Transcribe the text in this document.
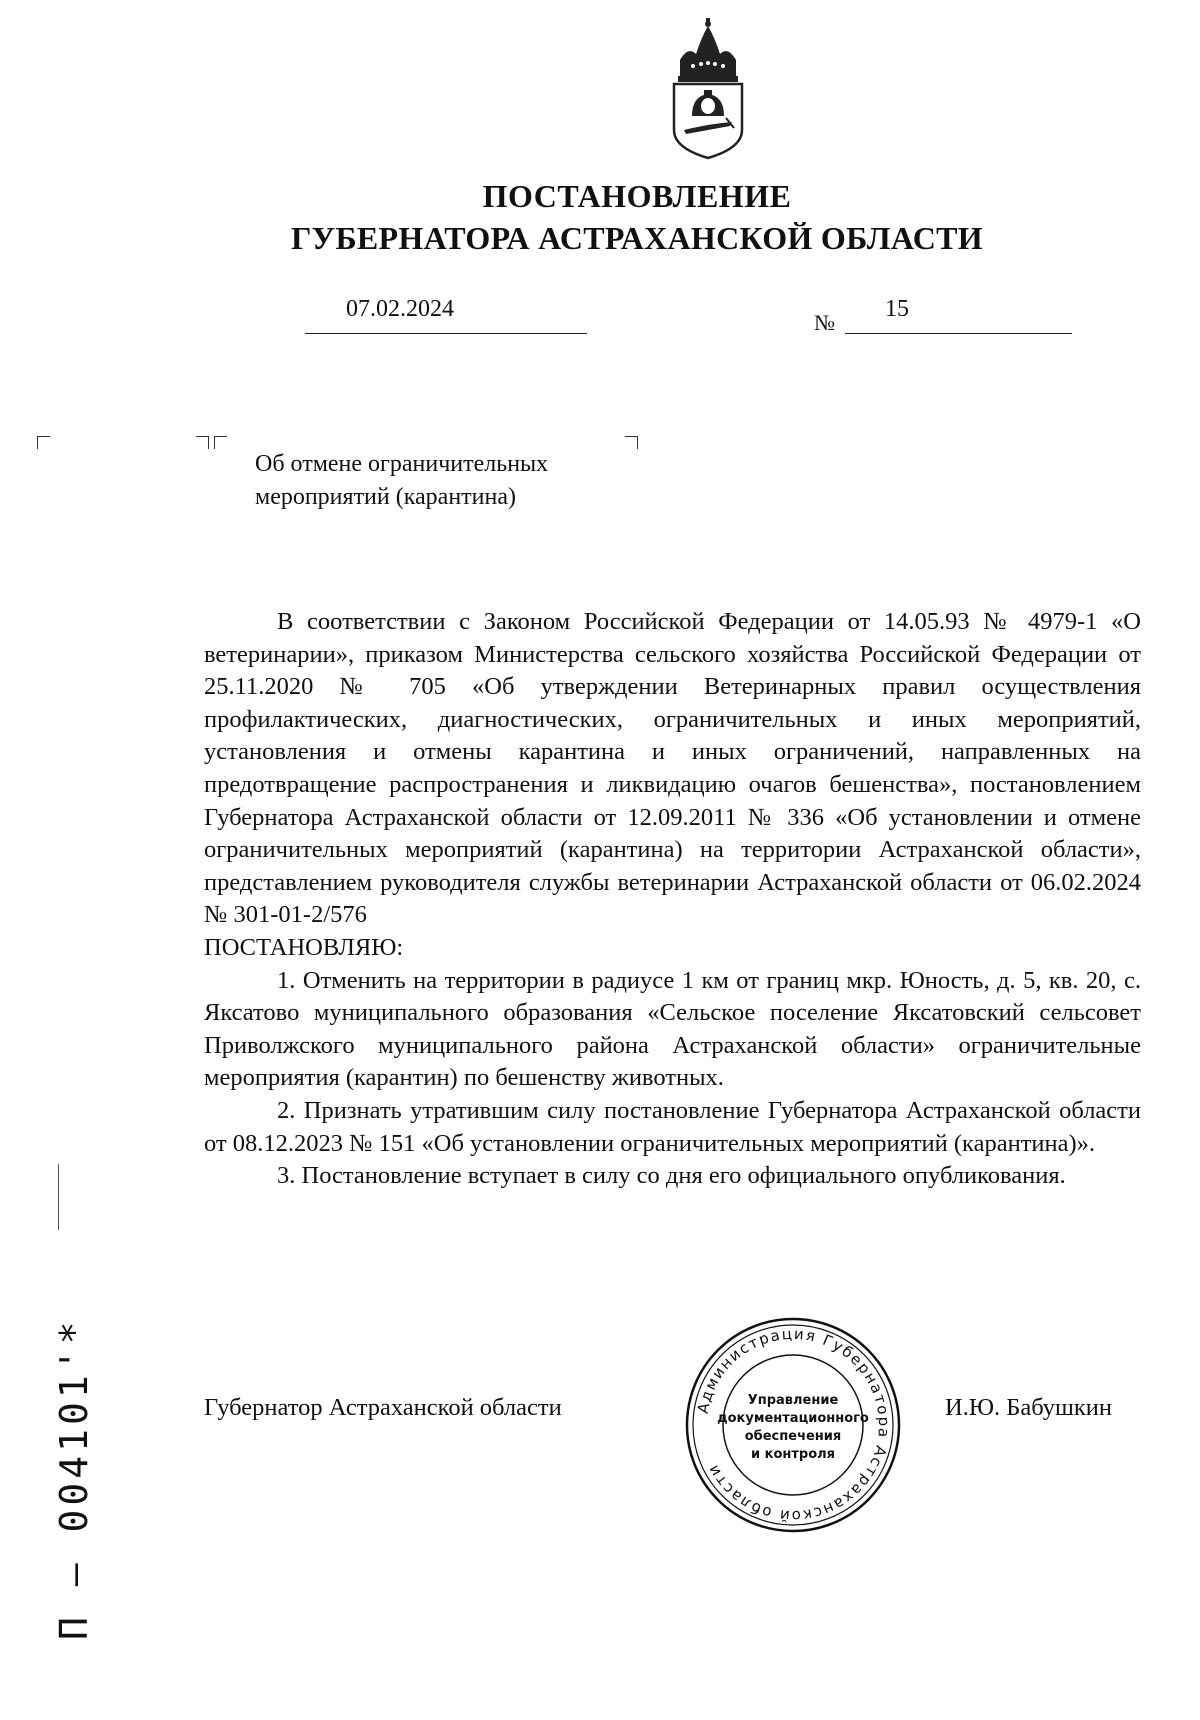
ПОСТАНОВЛЕНИЕ
ГУБЕРНАТОРА АСТРАХАНСКОЙ ОБЛАСТИ
07.02.2024
№
15
Об отмене ограничительных
мероприятий (карантина)

В соответствии с Законом Российской Федерации от 14.05.93 № 4979-1 «О ветеринарии», приказом Министерства сельского хозяйства Российской Федерации от 25.11.2020 № 705 «Об утверждении Ветеринарных правил осуществления профилактических, диагностических, ограничительных и иных мероприятий, установления и отмены карантина и иных ограничений, направленных на предотвращение распространения и ликвидацию очагов бешенства», постановлением Губернатора Астраханской области от 12.09.2011 № 336 «Об установлении и отмене ограничительных мероприятий (карантина) на территории Астраханской области», представлением руководителя службы ветеринарии Астраханской области от 06.02.2024

№ 301-01-2/576

ПОСТАНОВЛЯЮ:

1. Отменить на территории в радиусе 1 км от границ мкр. Юность, д. 5, кв. 20, с. Яксатово муниципального образования «Сельское поселение Яксатовский сельсовет Приволжского муниципального района Астраханской области» ограничительные мероприятия (карантин) по бешенству животных.

2. Признать утратившим силу постановление Губернатора Астраханской области от 08.12.2023 № 151 «Об установлении ограничительных мероприятий (карантина)».

3. Постановление вступает в силу со дня его официального опубликования.

Губернатор Астраханской области	И.Ю. Бабушкин
Администрация Губернатора Астраханской области
Управление
документационного
обеспечения
и контроля
П – 004101'*
